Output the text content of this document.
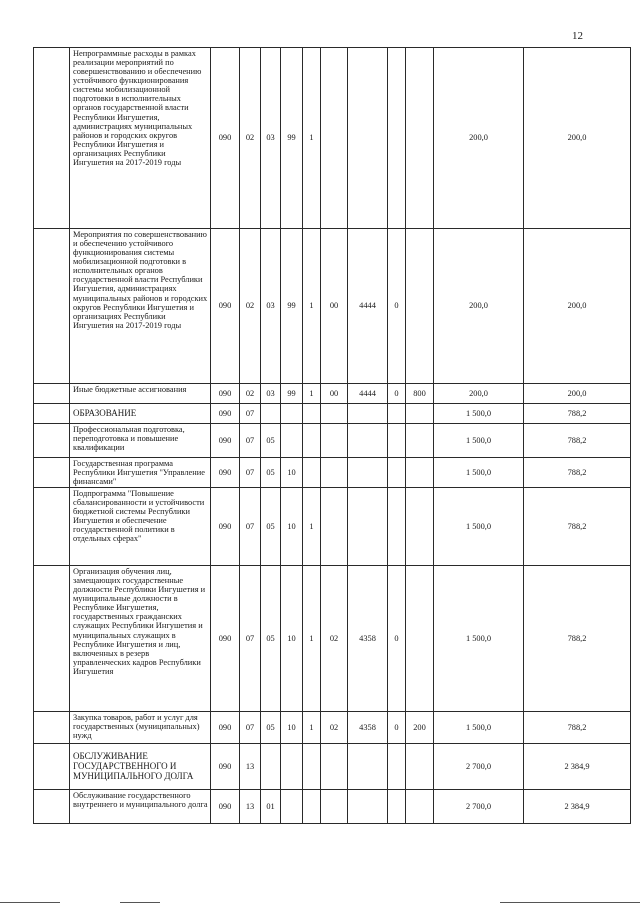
12
	Непрограммные расходы в рамках реализации мероприятий по совершенствованию и обеспечению устойчивого функционирования системы мобилизационной подготовки в исполнительных органов государственной власти Республики Ингушетия, администрациях муниципальных районов и городских округов Республики Ингушетия и организациях Республики Ингушетия на 2017-2019 годы	090	02	03	99	1					200,0	200,0
	Мероприятия по совершенствованию и обеспечению устойчивого функционирования системы мобилизационной подготовки в исполнительных органов государственной власти Республики Ингушетия, администрациях муниципальных районов и городских округов Республики Ингушетия и организациях Республики Ингушетия на 2017-2019 годы	090	02	03	99	1	00	4444	0		200,0	200,0
	Иные бюджетные ассигнования	090	02	03	99	1	00	4444	0	800	200,0	200,0
	ОБРАЗОВАНИЕ	090	07								1 500,0	788,2
	Профессиональная подготовка, переподготовка и повышение квалификации	090	07	05							1 500,0	788,2
	Государственная программа Республики Ингушетия "Управление финансами"	090	07	05	10						1 500,0	788,2
	Подпрограмма "Повышение сбалансированности и устойчивости бюджетной системы Республики Ингушетия и обеспечение государственной политики в отдельных сферах"	090	07	05	10	1					1 500,0	788,2
	Организация обучения лиц, замещающих государственные должности Республики Ингушетия и муниципальные должности в Республике Ингушетия, государственных гражданских служащих Республики Ингушетия и муниципальных служащих в Республике Ингушетия и лиц, включенных в резерв управленческих кадров Республики Ингушетия	090	07	05	10	1	02	4358	0		1 500,0	788,2
	Закупка товаров, работ и услуг для государственных (муниципальных) нужд	090	07	05	10	1	02	4358	0	200	1 500,0	788,2
	ОБСЛУЖИВАНИЕ ГОСУДАРСТВЕННОГО И МУНИЦИПАЛЬНОГО ДОЛГА	090	13								2 700,0	2 384,9
	Обслуживание государственного внутреннего и муниципального долга	090	13	01							2 700,0	2 384,9
